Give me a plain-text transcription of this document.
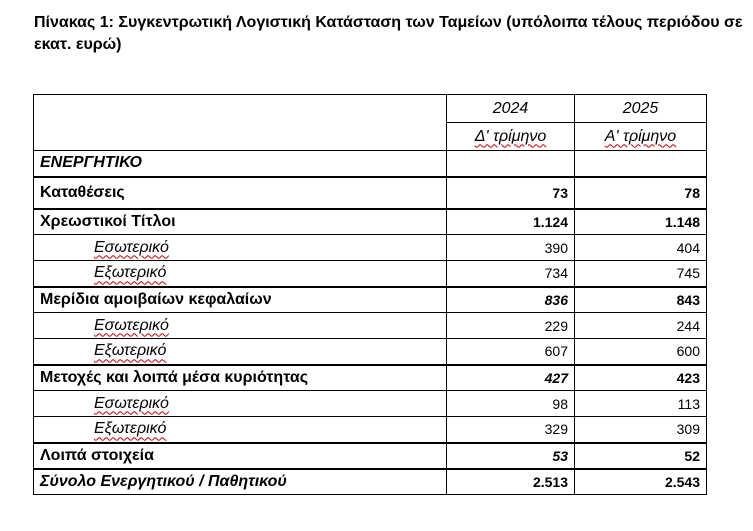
Πίνακας 1: Συγκεντρωτική Λογιστική Κατάσταση των Ταμείων (υπόλοιπα τέλους περιόδου σε εκατ. ευρώ)
	2024	2025
	Δ' τρίμηνο	Α' τρίμηνο
ΕΝΕΡΓΗΤΙΚΟ		
Καταθέσεις	73	78
Χρεωστικοί Τίτλοι	1.124	1.148
Εσωτερικό	390	404
Εξωτερικό	734	745
Μερίδια αμοιβαίων κεφαλαίων	836	843
Εσωτερικό	229	244
Εξωτερικό	607	600
Μετοχές και λοιπά μέσα κυριότητας	427	423
Εσωτερικό	98	113
Εξωτερικό	329	309
Λοιπά στοιχεία	53	52
Σύνολο Ενεργητικού / Παθητικού	2.513	2.543
